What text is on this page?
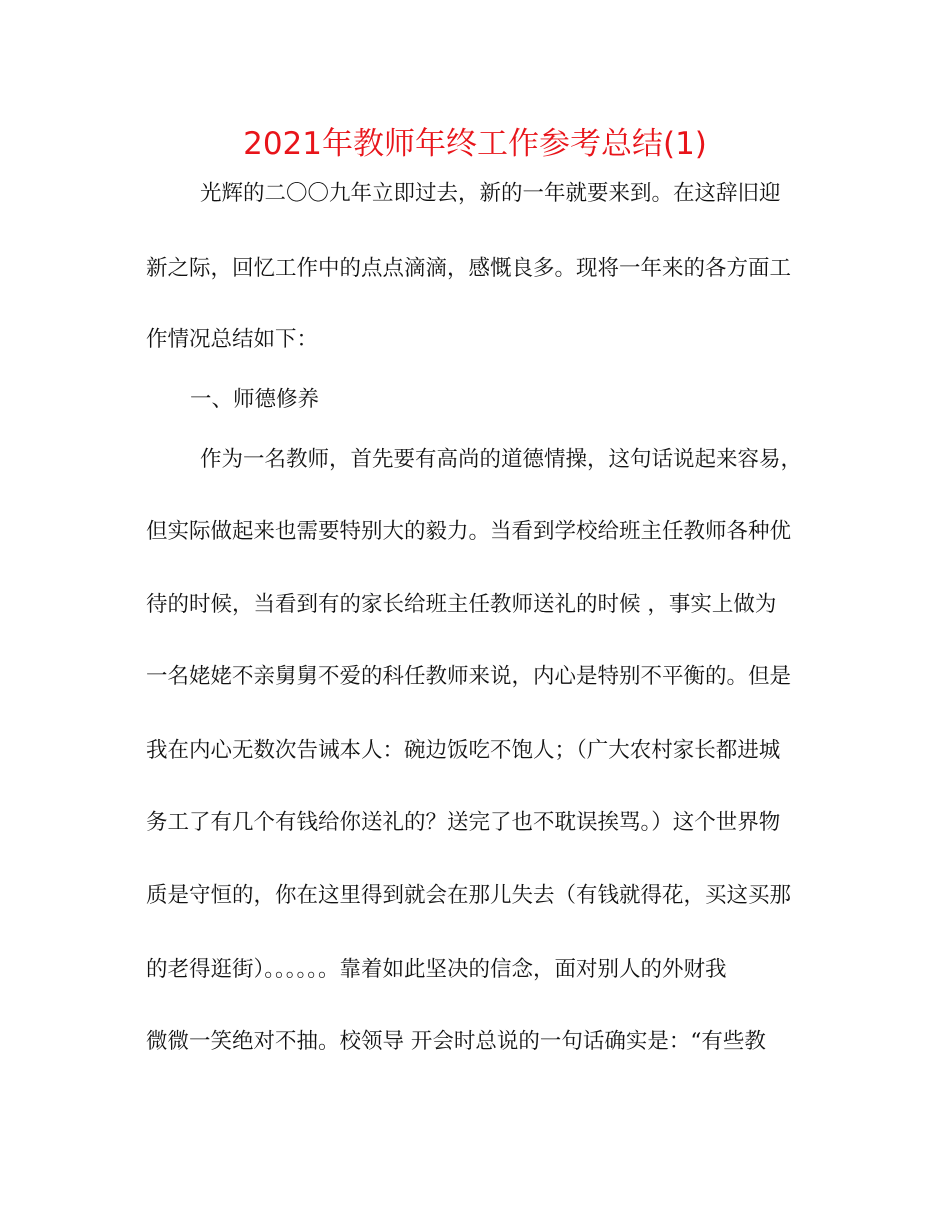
2021年教师年终工作参考总结(1)
光辉的二〇〇九年立即过去，新的一年就要来到。在这辞旧迎
新之际，回忆工作中的点点滴滴，感慨良多。现将一年来的各方面工
作情况总结如下：
一、师德修养
作为一名教师，首先要有高尚的道德情操，这句话说起来容易，
但实际做起来也需要特别大的毅力。当看到学校给班主任教师各种优
待的时候，当看到有的家长给班主任教师送礼的时候 ，事实上做为
一名姥姥不亲舅舅不爱的科任教师来说，内心是特别不平衡的。但是
我在内心无数次告诫本人：碗边饭吃不饱人；（广大农村家长都进城
务工了有几个有钱给你送礼的？送完了也不耽误挨骂。）这个世界物
质是守恒的，你在这里得到就会在那儿失去（有钱就得花，买这买那
的老得逛街）。。。。。。靠着如此坚决的信念，面对别人的外财我
微微一笑绝对不抽。校领导 开会时总说的一句话确实是：“有些教
